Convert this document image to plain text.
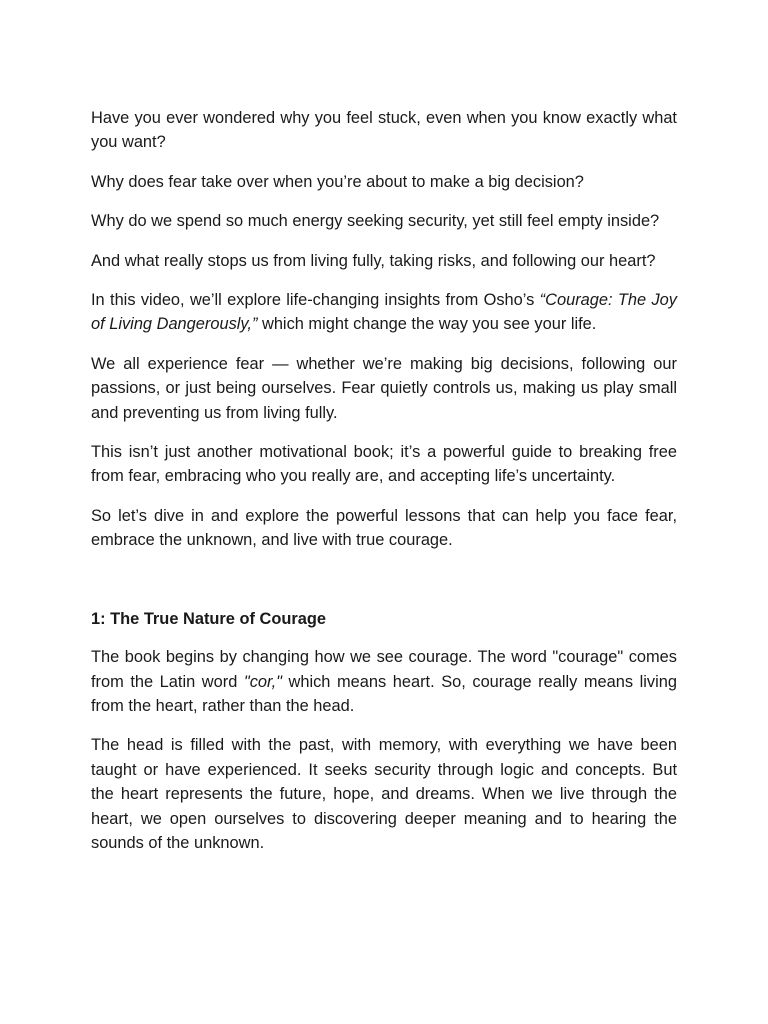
Have you ever wondered why you feel stuck, even when you know exactly what you want?

Why does fear take over when you’re about to make a big decision?

Why do we spend so much energy seeking security, yet still feel empty inside?

And what really stops us from living fully, taking risks, and following our heart?

In this video, we’ll explore life-changing insights from Osho’s “Courage: The Joy of Living Dangerously,” which might change the way you see your life.

We all experience fear — whether we’re making big decisions, following our passions, or just being ourselves. Fear quietly controls us, making us play small and preventing us from living fully.

This isn’t just another motivational book; it’s a powerful guide to breaking free from fear, embracing who you really are, and accepting life’s uncertainty.

So let’s dive in and explore the powerful lessons that can help you face fear, embrace the unknown, and live with true courage.

1: The True Nature of Courage

The book begins by changing how we see courage. The word "courage" comes from the Latin word "cor," which means heart. So, courage really means living from the heart, rather than the head.

The head is filled with the past, with memory, with everything we have been taught or have experienced. It seeks security through logic and concepts. But the heart represents the future, hope, and dreams. When we live through the heart, we open ourselves to discovering deeper meaning and to hearing the sounds of the unknown.
